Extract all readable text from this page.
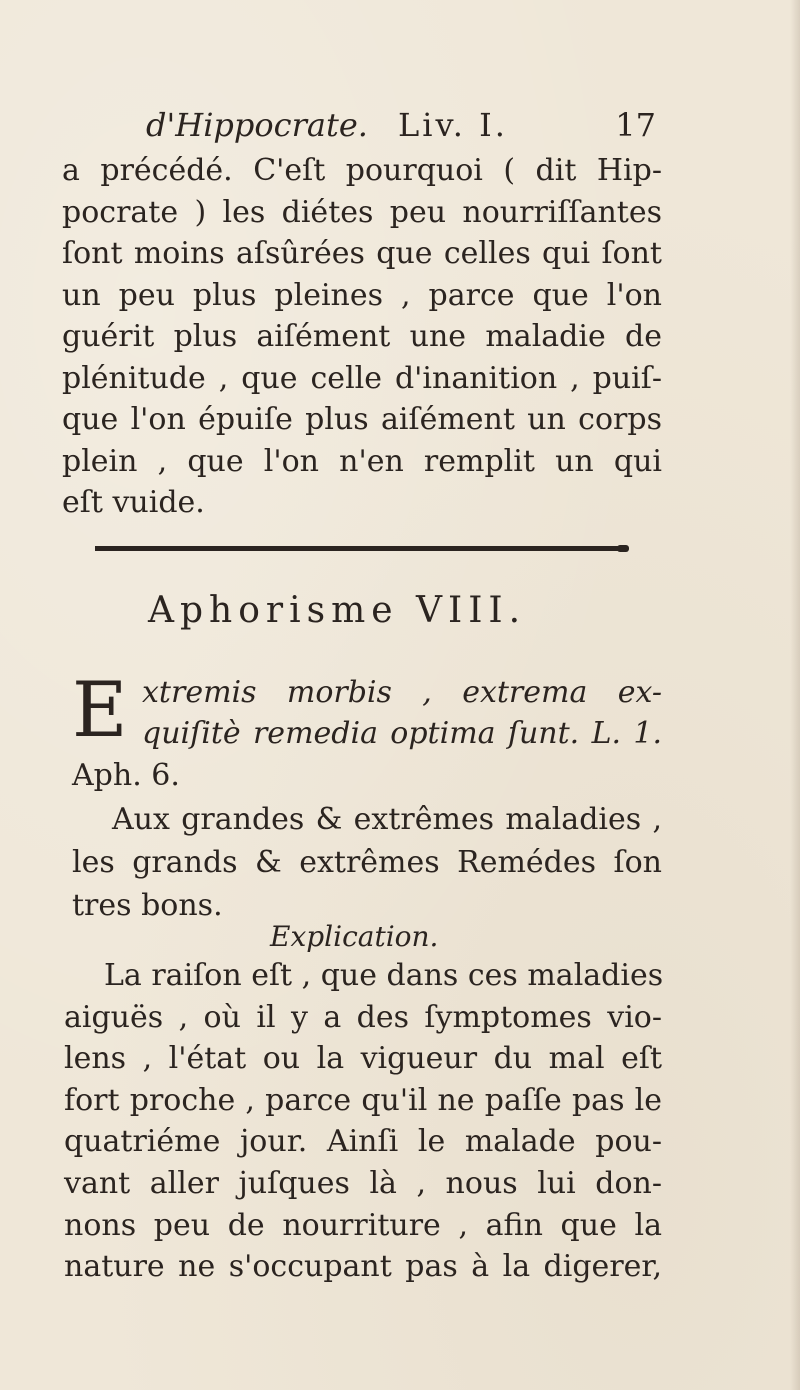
d'Hippocrate. Liv. I.	17
a précédé. C'eſt pourquoi ( dit Hip-
pocrate ) les diétes peu nourriſſantes
ſont moins aſsûrées que celles qui ſont
un peu plus pleines , parce que l'on
guérit plus aiſément une maladie de
plénitude , que celle d'inanition , puiſ-
que l'on épuiſe plus aiſément un corps
plein , que l'on n'en remplit un qui
eſt vuide.
Aphorisme VIII.
E xtremis morbis , extrema ex-
quiſitè remedia optima ſunt. L. 1.
Aph. 6.
Aux grandes & extrêmes maladies ,
les grands & extrêmes Remédes ſon
tres bons.
Explication.
La raiſon eſt , que dans ces maladies
aiguës , où il y a des ſymptomes vio-
lens , l'état ou la vigueur du mal eſt
fort proche , parce qu'il ne paſſe pas le
quatriéme jour. Ainſi le malade pou-
vant aller juſques là , nous lui don-
nons peu de nourriture , afin que la
nature ne s'occupant pas à la digerer,
